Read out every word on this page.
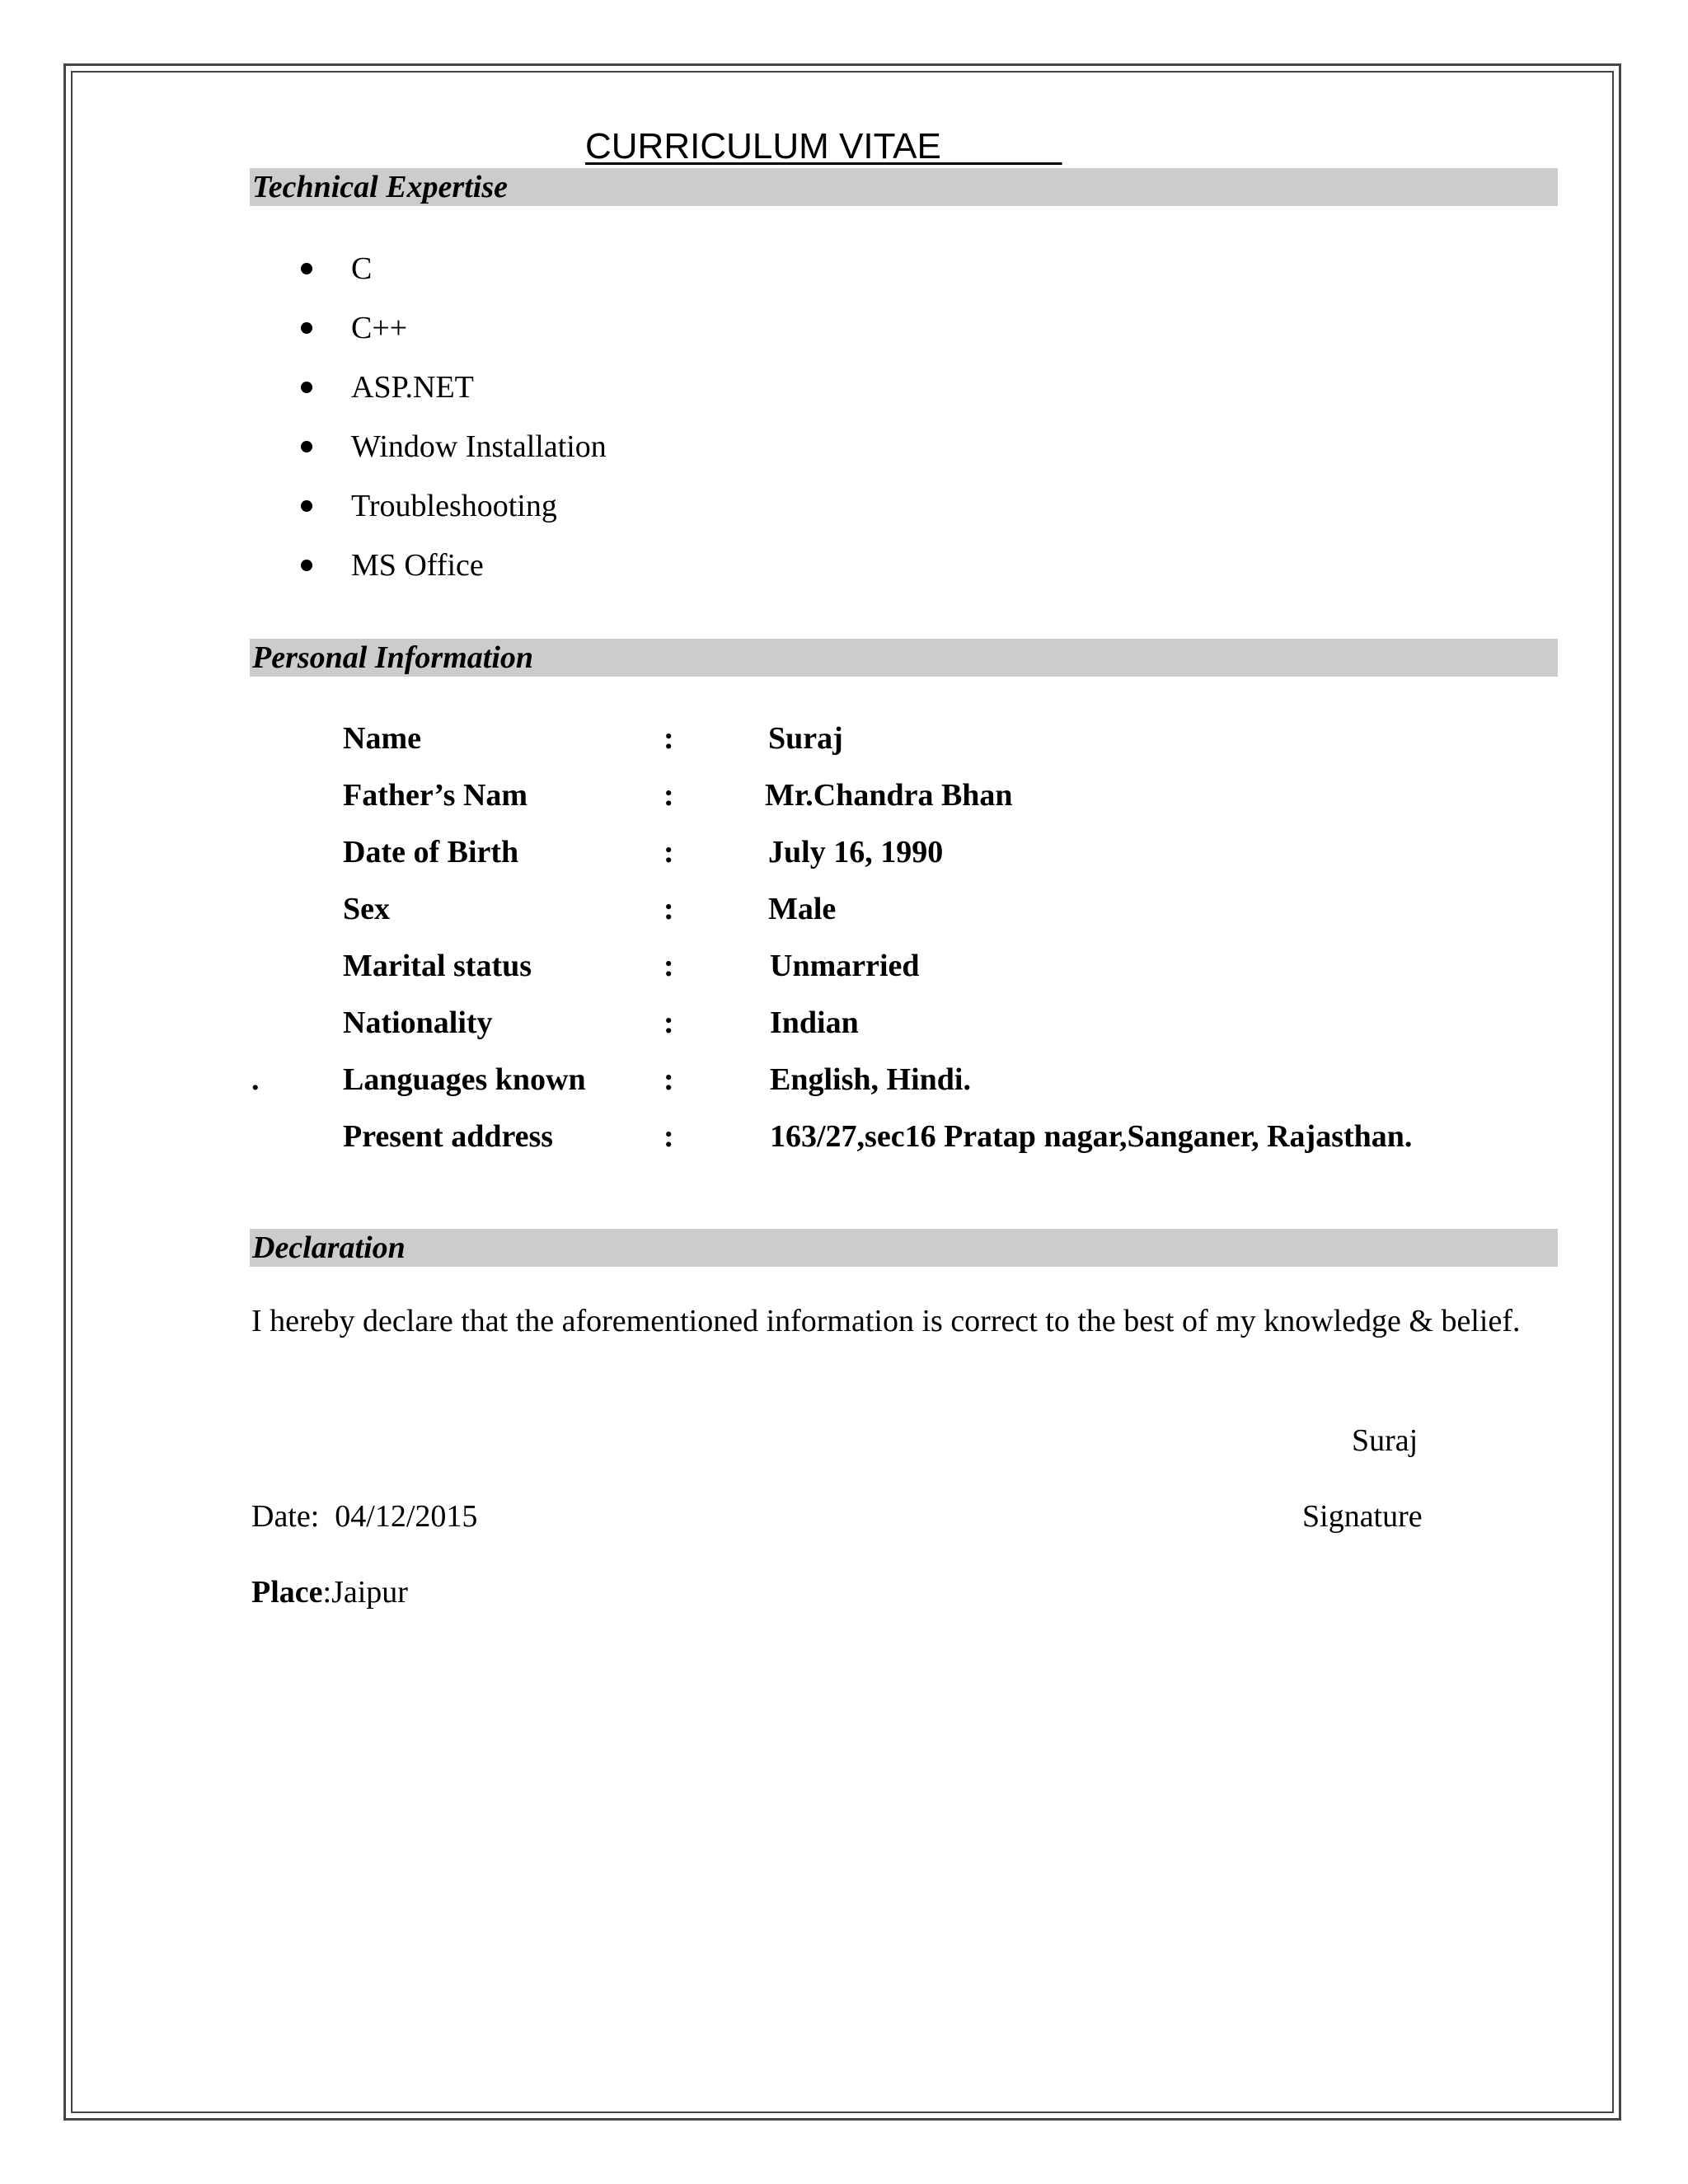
CURRICULUM VITAE
Technical Expertise
C
C++
ASP.NET
Window Installation
Troubleshooting
MS Office
Personal Information
Name	:	Suraj
Father’s Nam	:	Mr.Chandra Bhan
Date of Birth	:	July 16, 1990
Sex	:	Male
Marital status	:	Unmarried
Nationality	:	Indian
.	Languages known :	English, Hindi.
Present address	:	163/27,sec16 Pratap nagar,Sanganer, Rajasthan.
Declaration
I hereby declare that the aforementioned information is correct to the best of my knowledge & belief.
Suraj
Date: 04/12/2015	Signature
Place:Jaipur
